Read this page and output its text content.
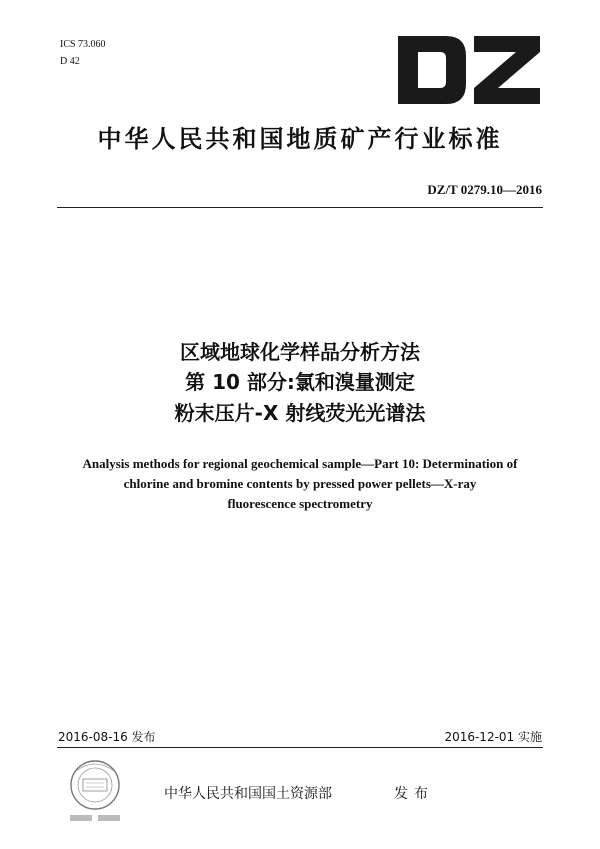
ICS 73.060
D 42
中华人民共和国地质矿产行业标准
DZ/T 0279.10—2016
区域地球化学样品分析方法
第 10 部分:氯和溴量测定
粉末压片-X 射线荧光光谱法
Analysis methods for regional geochemical sample—Part 10: Determination of
chlorine and bromine contents by pressed power pellets—X-ray
fluorescence spectrometry
2016-08-16 发布	2016-12-01 实施
中华人民共和国国土资源部	发布
